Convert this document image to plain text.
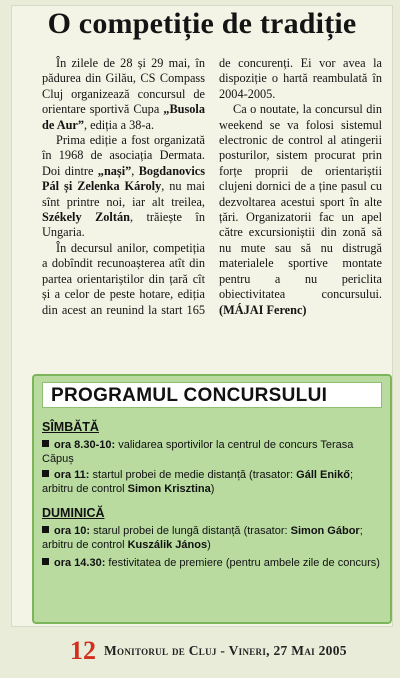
O competiție de tradiție

În zilele de 28 și 29 mai, în pădurea din Gilău, CS Compass Cluj organizează concursul de orientare sportivă Cupa „Busola de Aur”, ediția a 38-a.

Prima ediție a fost organizată în 1968 de asociația Dermata. Doi dintre „nași”, Bogdanovics Pál și Zelenka Károly, nu mai sînt printre noi, iar alt treilea, Székely Zoltán, trăiește în Ungaria.

În decursul anilor, competiția a dobîndit recunoașterea atît din partea orientariștilor din țară cît și a celor de peste hotare, ediția din acest an reunind la start 165 de concurenți. Ei vor avea la dispoziție o hartă reambulată în 2004-2005.

Ca o noutate, la concursul din weekend se va folosi sistemul electronic de control al atingerii posturilor, sistem procurat prin forțe proprii de orientariștii clujeni dornici de a ține pasul cu dezvoltarea acestui sport în alte țări. Organizatorii fac un apel către excursioniștii din zonă să nu mute sau să nu distrugă materialele sportive montate pentru a nu periclita obiectivitatea concursului. (MÁJAI Ferenc)

PROGRAMUL CONCURSULUI
SÎMBĂTĂ
ora 8.30-10: validarea sportivilor la centrul de concurs Terasa Căpuș
ora 11: startul probei de medie distanță (trasator: Gáll Enikő; arbitru de control Simon Krisztina)
DUMINICĂ
ora 10: starul probei de lungă distanță (trasator: Simon Gábor; arbitru de control Kuszálik János)
ora 14.30: festivitatea de premiere (pentru ambele zile de concurs)
12 Monitorul de Cluj - Vineri, 27 Mai 2005
